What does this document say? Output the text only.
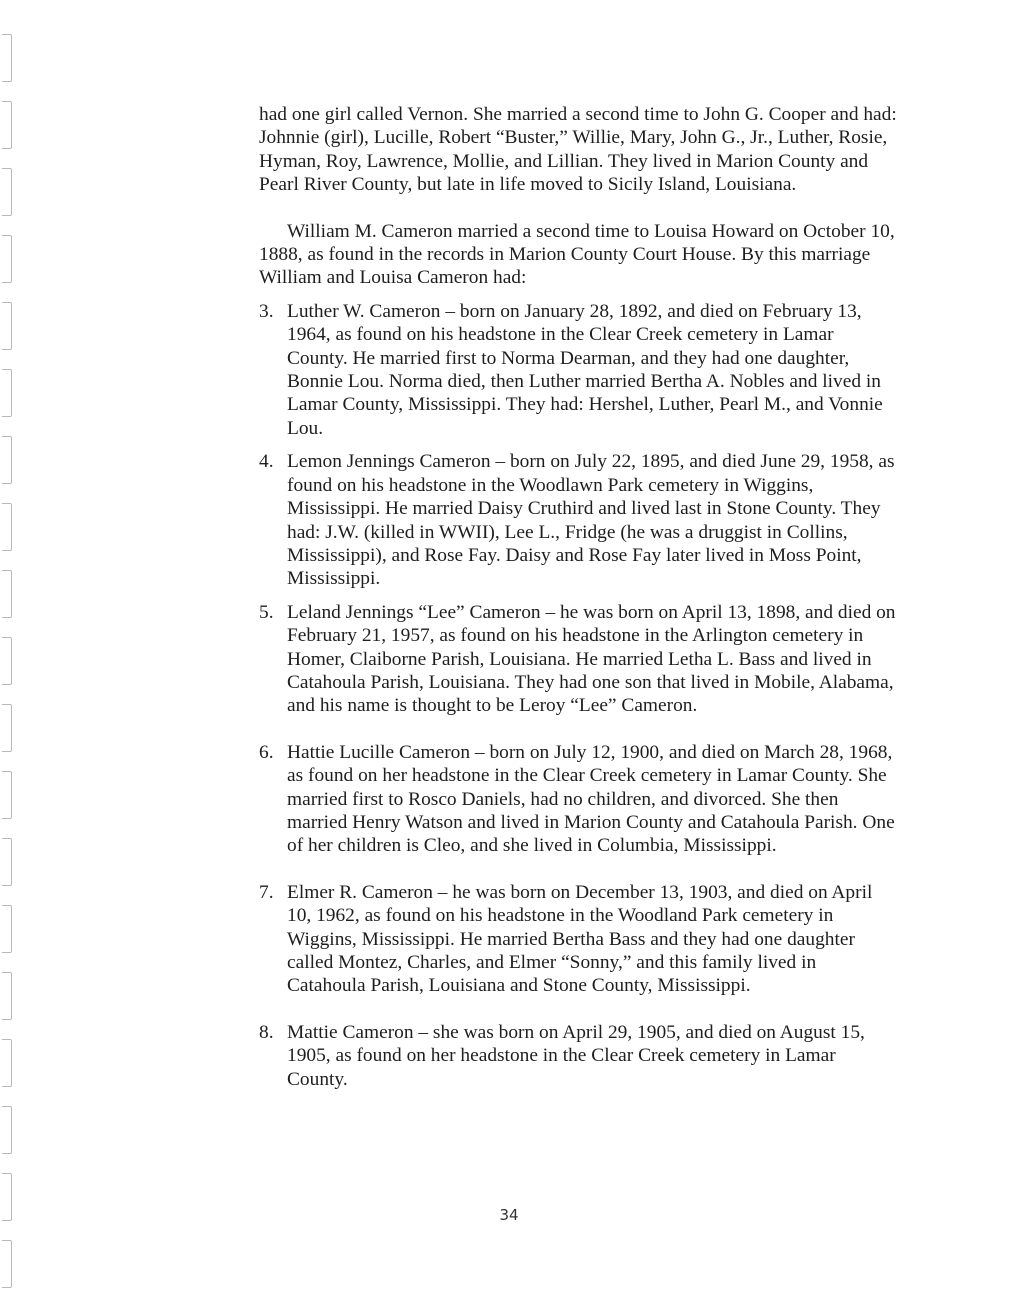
had one girl called Vernon. She married a second time to John G. Cooper and had: Johnnie (girl), Lucille, Robert “Buster,” Willie, Mary, John G., Jr., Luther, Rosie, Hyman, Roy, Lawrence, Mollie, and Lillian. They lived in Marion County and Pearl River County, but late in life moved to Sicily Island, Louisiana.

William M. Cameron married a second time to Louisa Howard on October 10, 1888, as found in the records in Marion County Court House. By this marriage William and Louisa Cameron had:

3. Luther W. Cameron – born on January 28, 1892, and died on February 13, 1964, as found on his headstone in the Clear Creek cemetery in Lamar County. He married first to Norma Dearman, and they had one daughter, Bonnie Lou. Norma died, then Luther married Bertha A. Nobles and lived in Lamar County, Mississippi. They had: Hershel, Luther, Pearl M., and Vonnie Lou.
4. Lemon Jennings Cameron – born on July 22, 1895, and died June 29, 1958, as found on his headstone in the Woodlawn Park cemetery in Wiggins, Mississippi. He married Daisy Cruthird and lived last in Stone County. They had: J.W. (killed in WWII), Lee L., Fridge (he was a druggist in Collins, Mississippi), and Rose Fay. Daisy and Rose Fay later lived in Moss Point, Mississippi.
5. Leland Jennings “Lee” Cameron – he was born on April 13, 1898, and died on February 21, 1957, as found on his headstone in the Arlington cemetery in Homer, Claiborne Parish, Louisiana. He married Letha L. Bass and lived in Catahoula Parish, Louisiana. They had one son that lived in Mobile, Alabama, and his name is thought to be Leroy “Lee” Cameron.
6. Hattie Lucille Cameron – born on July 12, 1900, and died on March 28, 1968, as found on her headstone in the Clear Creek cemetery in Lamar County. She married first to Rosco Daniels, had no children, and divorced. She then married Henry Watson and lived in Marion County and Catahoula Parish. One of her children is Cleo, and she lived in Columbia, Mississippi.
7. Elmer R. Cameron – he was born on December 13, 1903, and died on April 10, 1962, as found on his headstone in the Woodland Park cemetery in Wiggins, Mississippi. He married Bertha Bass and they had one daughter called Montez, Charles, and Elmer “Sonny,” and this family lived in Catahoula Parish, Louisiana and Stone County, Mississippi.
8. Mattie Cameron – she was born on April 29, 1905, and died on August 15, 1905, as found on her headstone in the Clear Creek cemetery in Lamar County.
34
